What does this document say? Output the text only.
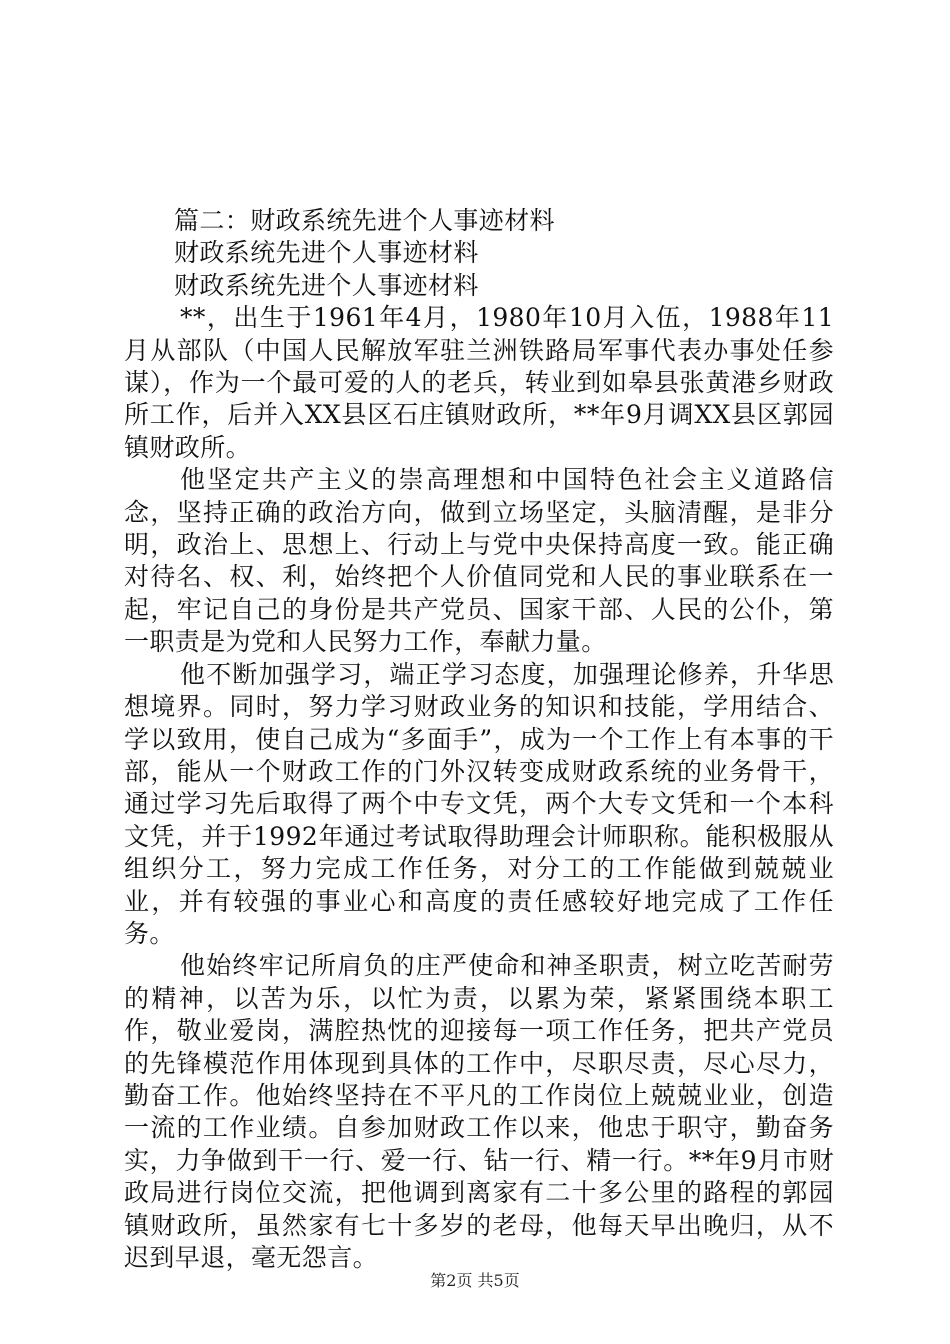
篇二：财政系统先进个人事迹材料

财政系统先进个人事迹材料

财政系统先进个人事迹材料

**，出生于1961年4月，1980年10月入伍，1988年11月从部队（中国人民解放军驻兰洲铁路局军事代表办事处任参谋），作为一个最可爱的人的老兵，转业到如皋县张黄港乡财政所工作，后并入XX县区石庄镇财政所，**年9月调XX县区郭园镇财政所。

他坚定共产主义的崇高理想和中国特色社会主义道路信念，坚持正确的政治方向，做到立场坚定，头脑清醒，是非分明，政治上、思想上、行动上与党中央保持高度一致。能正确对待名、权、利，始终把个人价值同党和人民的事业联系在一起，牢记自己的身份是共产党员、国家干部、人民的公仆，第一职责是为党和人民努力工作，奉献力量。

他不断加强学习，端正学习态度，加强理论修养，升华思想境界。同时，努力学习财政业务的知识和技能，学用结合、学以致用，使自己成为“多面手”，成为一个工作上有本事的干部，能从一个财政工作的门外汉转变成财政系统的业务骨干，通过学习先后取得了两个中专文凭，两个大专文凭和一个本科文凭，并于1992年通过考试取得助理会计师职称。能积极服从组织分工，努力完成工作任务，对分工的工作能做到兢兢业业，并有较强的事业心和高度的责任感较好地完成了工作任务。

他始终牢记所肩负的庄严使命和神圣职责，树立吃苦耐劳的精神，以苦为乐，以忙为责，以累为荣，紧紧围绕本职工作，敬业爱岗，满腔热忱的迎接每一项工作任务，把共产党员的先锋模范作用体现到具体的工作中，尽职尽责，尽心尽力，勤奋工作。他始终坚持在不平凡的工作岗位上兢兢业业，创造一流的工作业绩。自参加财政工作以来，他忠于职守，勤奋务实，力争做到干一行、爱一行、钻一行、精一行。**年9月市财政局进行岗位交流，把他调到离家有二十多公里的路程的郭园镇财政所，虽然家有七十多岁的老母，他每天早出晚归，从不迟到早退，毫无怨言。

第2页 共5页
